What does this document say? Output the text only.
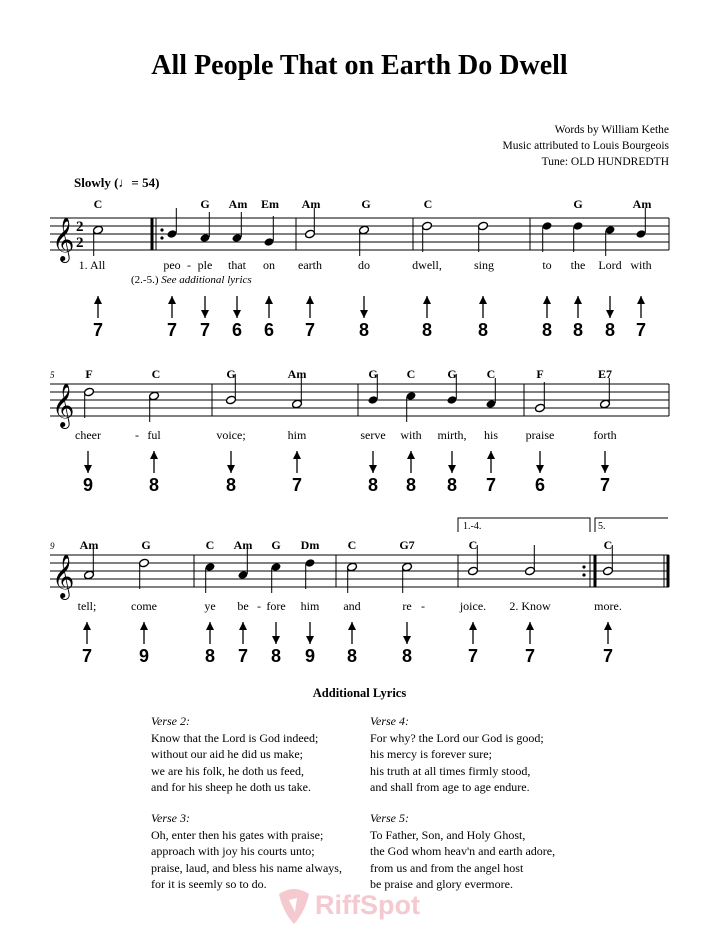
All People That on Earth Do Dwell
Words by William Kethe
Music attributed to Louis Bourgeois
Tune: OLD HUNDREDTH
Slowly (♩= 54)
C	G Am Em Am	G	C	G	Am
F	C	G	Am	G C	G C	F	E7
Am	G	C Am G Dm C	G7	C	C
1. All	peo - ple that on earth	do	dwell,	sing	to the Lord with
cheer	- ful	voice;	him	serve with mirth, his praise	forth
tell;	come	ye be - fore him and	re -	joice. 2. Know	more.
7	7 7 6 6 7 8	8	8	8 8 8 7
9	8	8	7	8 8 8 7 6	7
7	9	8 7 8 9 8 8	7	7	7
5
9
(2.-5.) See additional lyrics
1.-4.	5.
𝄞
𝄞
𝄞
2
2
Additional Lyrics
Verse 2:
Know that the Lord is God indeed;
without our aid he did us make;
we are his folk, he doth us feed,
and for his sheep he doth us take.
Verse 3:
Oh, enter then his gates with praise;
approach with joy his courts unto;
praise, laud, and bless his name always,
for it is seemly so to do.
Verse 4:
For why? the Lord our God is good;
his mercy is forever sure;
his truth at all times firmly stood,
and shall from age to age endure.
Verse 5:
To Father, Son, and Holy Ghost,
the God whom heav'n and earth adore,
from us and from the angel host
be praise and glory evermore.
RiffSpot
